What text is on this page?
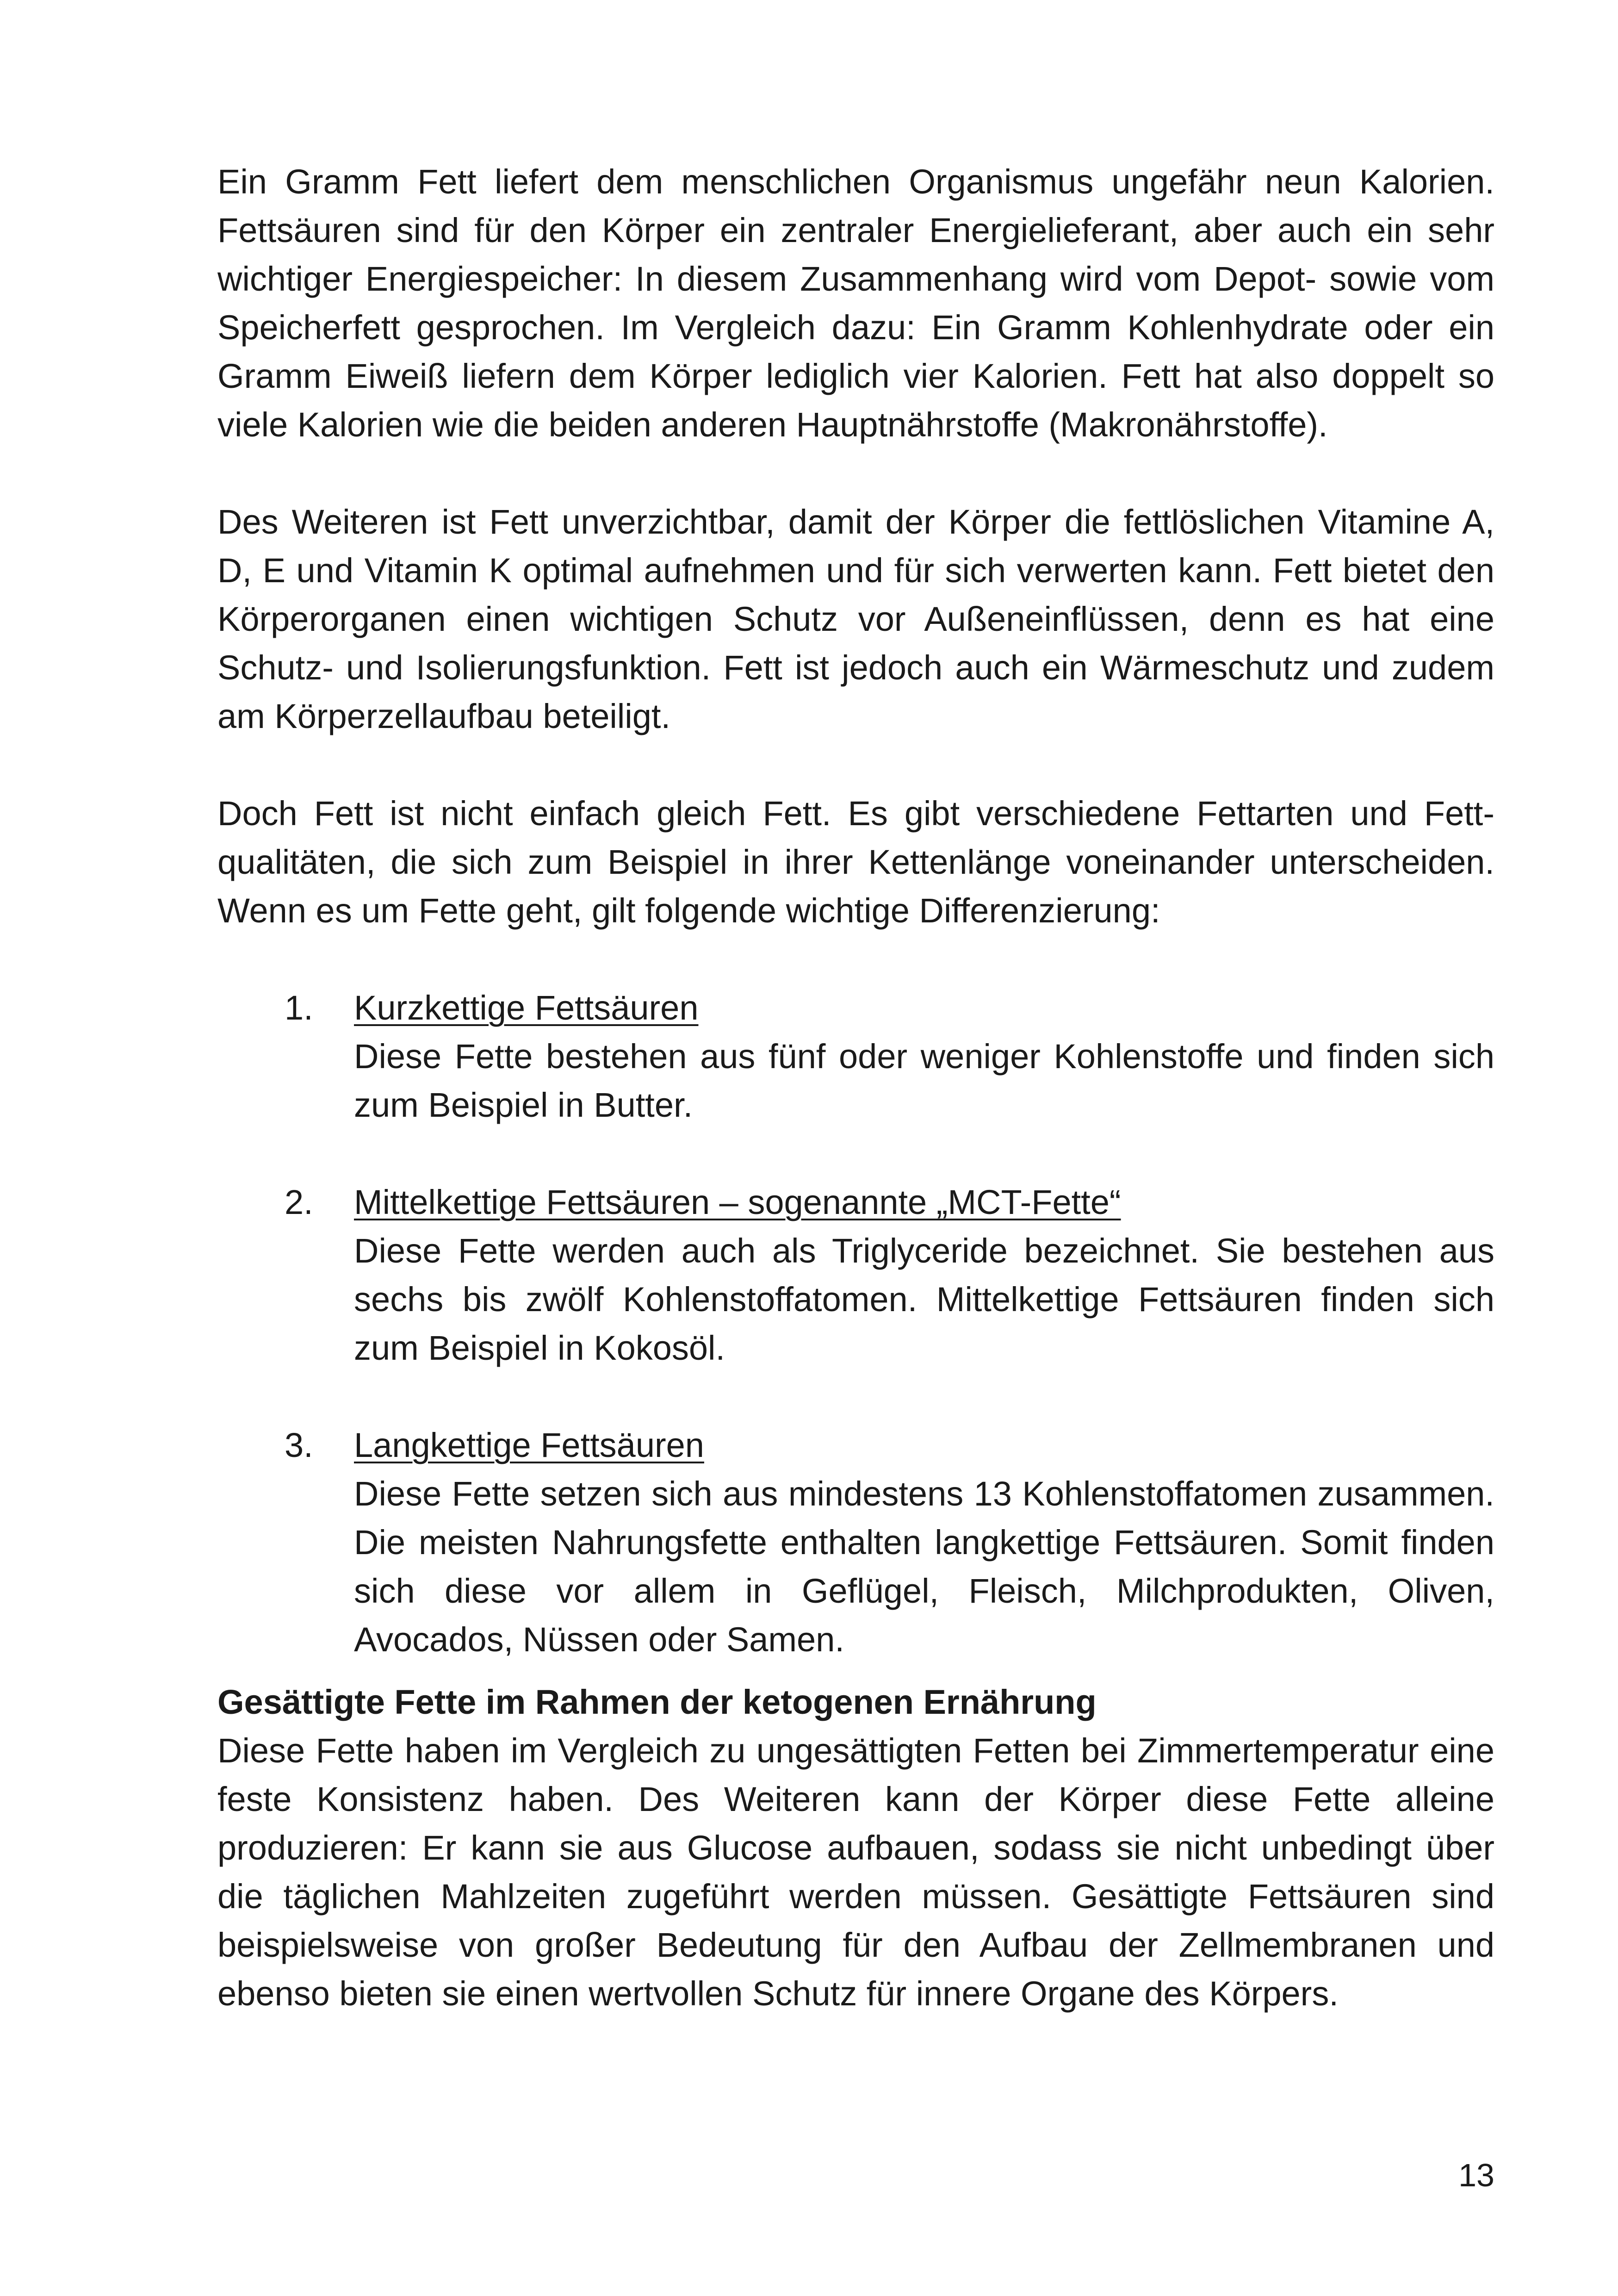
Ein Gramm Fett liefert dem menschlichen Organismus ungefähr neun Kalorien. Fettsäuren sind für den Körper ein zentraler Energielieferant, aber auch ein sehr wichtiger Energiespeicher: In diesem Zusammenhang wird vom Depot- sowie vom Speicherfett gesprochen. Im Vergleich dazu: Ein Gramm Kohlenhydrate oder ein Gramm Eiweiß liefern dem Körper lediglich vier Kalorien. Fett hat also doppelt so viele Kalorien wie die beiden anderen Hauptnährstoffe (Makronährstoffe).

Des Weiteren ist Fett unverzichtbar, damit der Körper die fettlöslichen Vitamine A, D, E und Vitamin K optimal aufnehmen und für sich verwerten kann. Fett bietet den Körperorganen einen wichtigen Schutz vor Außeneinflüssen, denn es hat eine Schutz- und Isolierungsfunktion. Fett ist jedoch auch ein Wärmeschutz und zudem am Körperzellaufbau beteiligt.

Doch Fett ist nicht einfach gleich Fett. Es gibt verschiedene Fettarten und Fettqualitäten, die sich zum Beispiel in ihrer Kettenlänge voneinander unterscheiden. Wenn es um Fette geht, gilt folgende wichtige Differenzierung:

1. Kurzkettige Fettsäuren

Diese Fette bestehen aus fünf oder weniger Kohlenstoffe und finden sich zum Beispiel in Butter.

2. Mittelkettige Fettsäuren – sogenannte „MCT-Fette“

Diese Fette werden auch als Triglyceride bezeichnet. Sie bestehen aus sechs bis zwölf Kohlenstoffatomen. Mittelkettige Fettsäuren finden sich zum Beispiel in Kokosöl.

3. Langkettige Fettsäuren

Diese Fette setzen sich aus mindestens 13 Kohlenstoffatomen zusammen. Die meisten Nahrungsfette enthalten langkettige Fettsäuren. Somit finden sich diese vor allem in Geflügel, Fleisch, Milchprodukten, Oliven, Avocados, Nüssen oder Samen.

Gesättigte Fette im Rahmen der ketogenen Ernährung

Diese Fette haben im Vergleich zu ungesättigten Fetten bei Zimmertemperatur eine feste Konsistenz haben. Des Weiteren kann der Körper diese Fette alleine produzieren: Er kann sie aus Glucose aufbauen, sodass sie nicht unbedingt über die täglichen Mahlzeiten zugeführt werden müssen. Gesättigte Fettsäuren sind beispielsweise von großer Bedeutung für den Aufbau der Zellmembranen und ebenso bieten sie einen wertvollen Schutz für innere Organe des Körpers.

13
